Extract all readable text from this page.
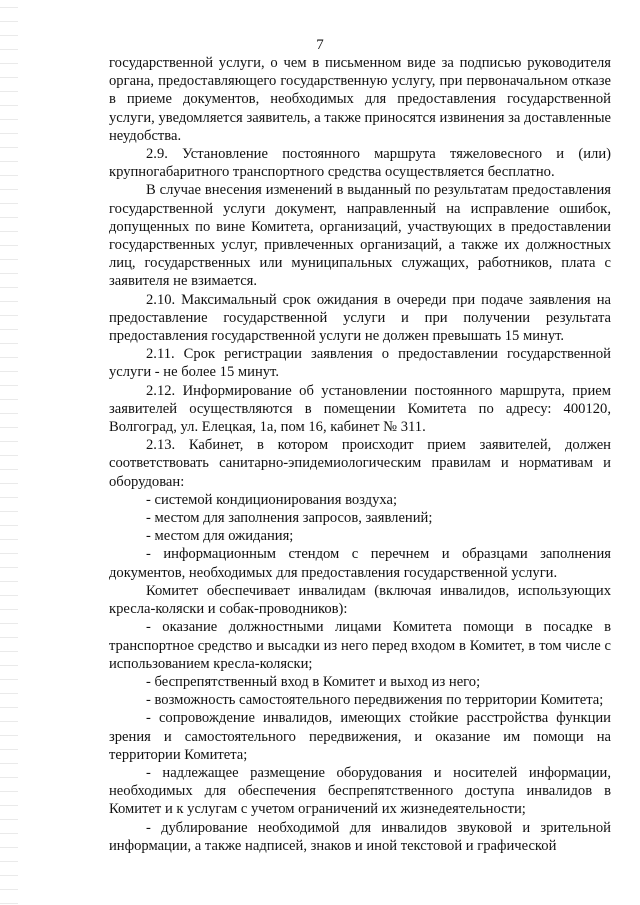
7

государственной услуги, о чем в письменном виде за подписью руководителя органа, предоставляющего государственную услугу, при первоначальном отказе в приеме документов, необходимых для предоставления государственной услуги, уведомляется заявитель, а также приносятся извинения за доставленные неудобства.

2.9. Установление постоянного маршрута тяжеловесного и (или) крупногабаритного транспортного средства осуществляется бесплатно.

В случае внесения изменений в выданный по результатам предоставления государственной услуги документ, направленный на исправление ошибок, допущенных по вине Комитета, организаций, участвующих в предоставлении государственных услуг, привлеченных организаций, а также их должностных лиц, государственных или муниципальных служащих, работников, плата с заявителя не взимается.

2.10. Максимальный срок ожидания в очереди при подаче заявления на предоставление государственной услуги и при получении результата предоставления государственной услуги не должен превышать 15 минут.

2.11. Срок регистрации заявления о предоставлении государственной услуги - не более 15 минут.

2.12. Информирование об установлении постоянного маршрута, прием заявителей осуществляются в помещении Комитета по адресу: 400120, Волгоград, ул. Елецкая, 1а, пом 16, кабинет № 311.

2.13. Кабинет, в котором происходит прием заявителей, должен соответствовать санитарно-эпидемиологическим правилам и нормативам и оборудован:

- системой кондиционирования воздуха;

- местом для заполнения запросов, заявлений;

- местом для ожидания;

- информационным стендом с перечнем и образцами заполнения документов, необходимых для предоставления государственной услуги.

Комитет обеспечивает инвалидам (включая инвалидов, использующих кресла-коляски и собак-проводников):

- оказание должностными лицами Комитета помощи в посадке в транспортное средство и высадки из него перед входом в Комитет, в том числе с использованием кресла-коляски;

- беспрепятственный вход в Комитет и выход из него;

- возможность самостоятельного передвижения по территории Комитета;

- сопровождение инвалидов, имеющих стойкие расстройства функции зрения и самостоятельного передвижения, и оказание им помощи на территории Комитета;

- надлежащее размещение оборудования и носителей информации, необходимых для обеспечения беспрепятственного доступа инвалидов в Комитет и к услугам с учетом ограничений их жизнедеятельности;

- дублирование необходимой для инвалидов звуковой и зрительной информации, а также надписей, знаков и иной текстовой и графической
